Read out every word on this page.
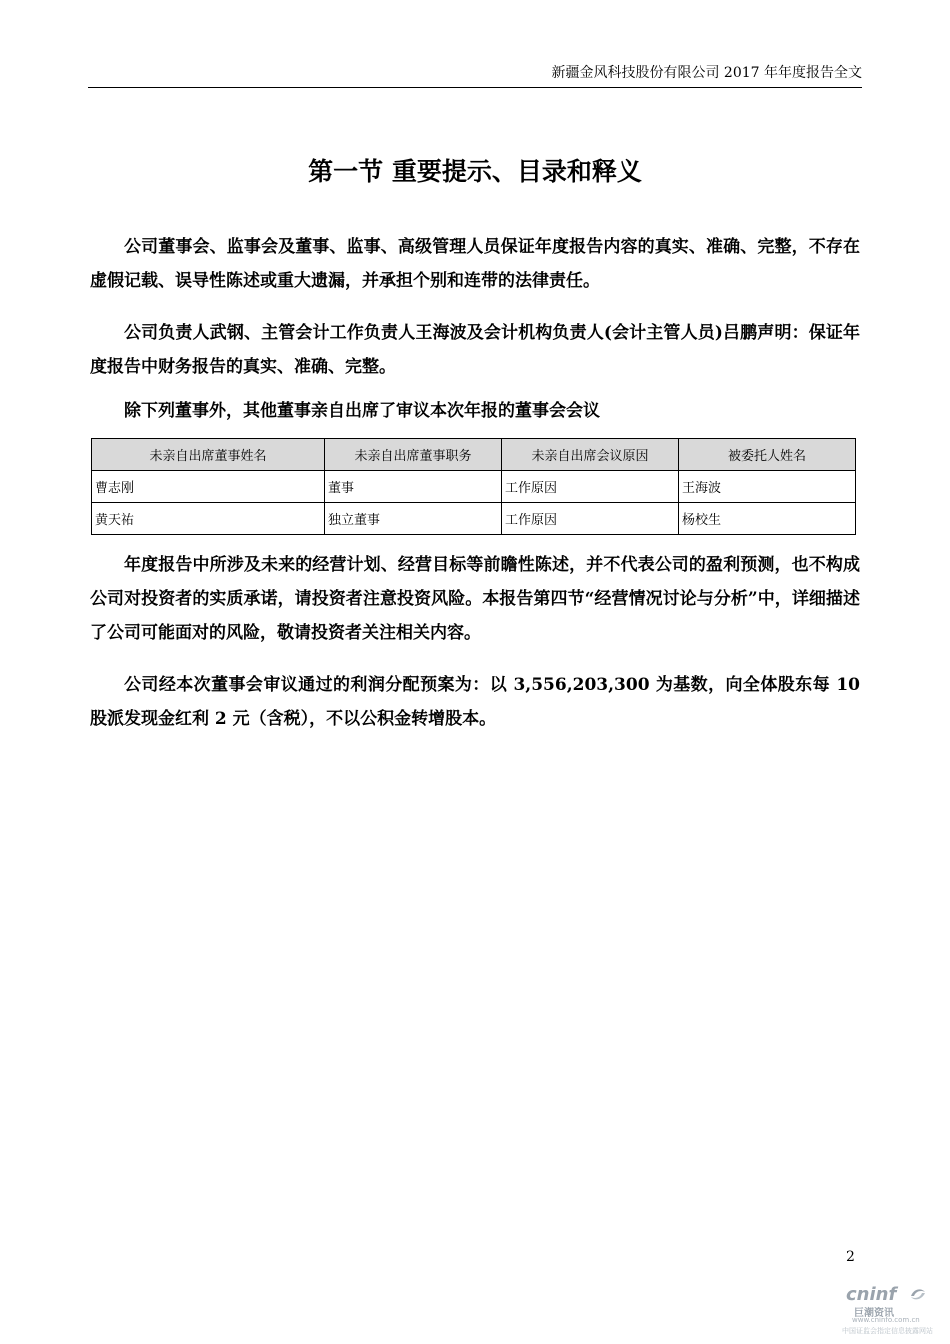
新疆金风科技股份有限公司 2017 年年度报告全文
第一节 重要提示、目录和释义
公司董事会、监事会及董事、监事、高级管理人员保证年度报告内容的真实、准确、完整，不存在虚假记载、误导性陈述或重大遗漏，并承担个别和连带的法律责任。
公司负责人武钢、主管会计工作负责人王海波及会计机构负责人(会计主管人员)吕鹏声明：保证年度报告中财务报告的真实、准确、完整。
除下列董事外，其他董事亲自出席了审议本次年报的董事会会议
未亲自出席董事姓名	未亲自出席董事职务	未亲自出席会议原因	被委托人姓名
曹志刚	董事	工作原因	王海波
黄天祐	独立董事	工作原因	杨校生
年度报告中所涉及未来的经营计划、经营目标等前瞻性陈述，并不代表公司的盈利预测，也不构成公司对投资者的实质承诺，请投资者注意投资风险。本报告第四节“经营情况讨论与分析”中，详细描述了公司可能面对的风险，敬请投资者关注相关内容。
公司经本次董事会审议通过的利润分配预案为：以 3,556,203,300 为基数，向全体股东每 10 股派发现金红利 2 元（含税），不以公积金转增股本。
2
cninf
巨潮资讯
www.cninfo.com.cn
中国证监会指定信息披露网站
